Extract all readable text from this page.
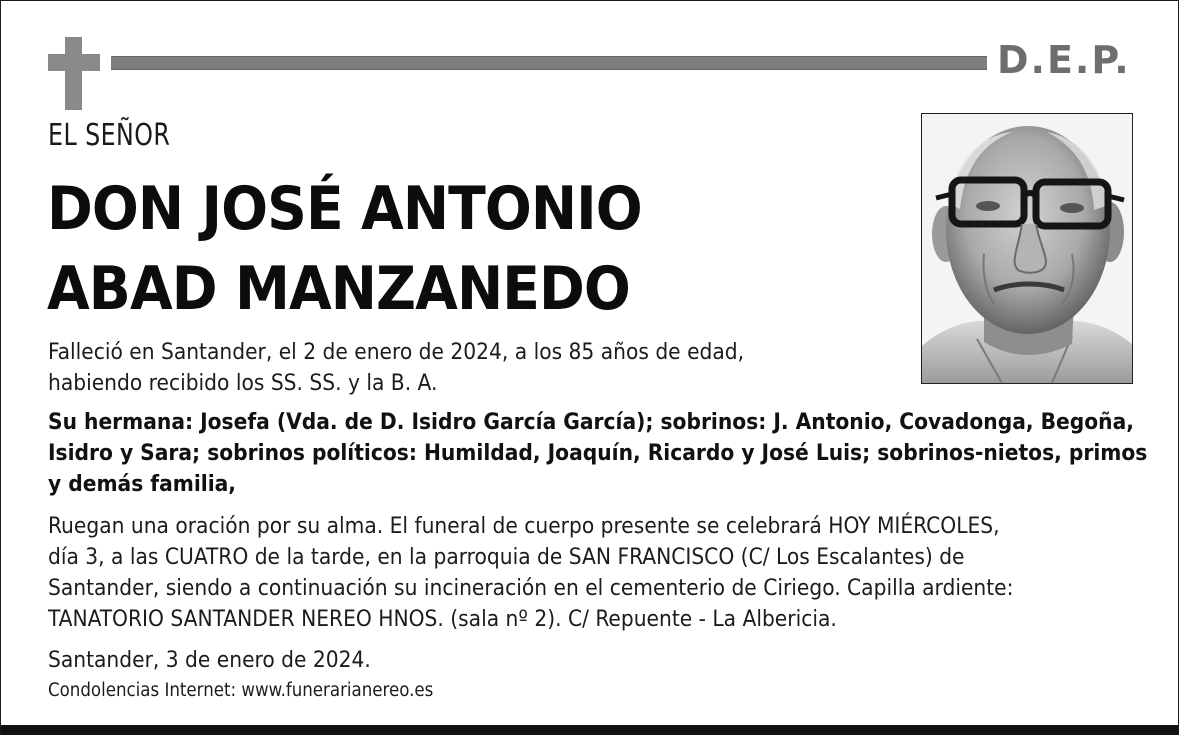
D.E.P.
EL SEÑOR
DON JOSÉ ANTONIO
ABAD MANZANEDO
Falleció en Santander, el 2 de enero de 2024, a los 85 años de edad,
habiendo recibido los SS. SS. y la B. A.
Su hermana: Josefa (Vda. de D. Isidro García García); sobrinos: J. Antonio, Covadonga, Begoña,
Isidro y Sara; sobrinos políticos: Humildad, Joaquín, Ricardo y José Luis; sobrinos-nietos, primos
y demás familia,
Ruegan una oración por su alma. El funeral de cuerpo presente se celebrará HOY MIÉRCOLES,
día 3, a las CUATRO de la tarde, en la parroquia de SAN FRANCISCO (C/ Los Escalantes) de
Santander, siendo a continuación su incineración en el cementerio de Ciriego. Capilla ardiente:
TANATORIO SANTANDER NEREO HNOS. (sala nº 2). C/ Repuente - La Albericia.
Santander, 3 de enero de 2024.
Condolencias Internet: www.funerarianereo.es
